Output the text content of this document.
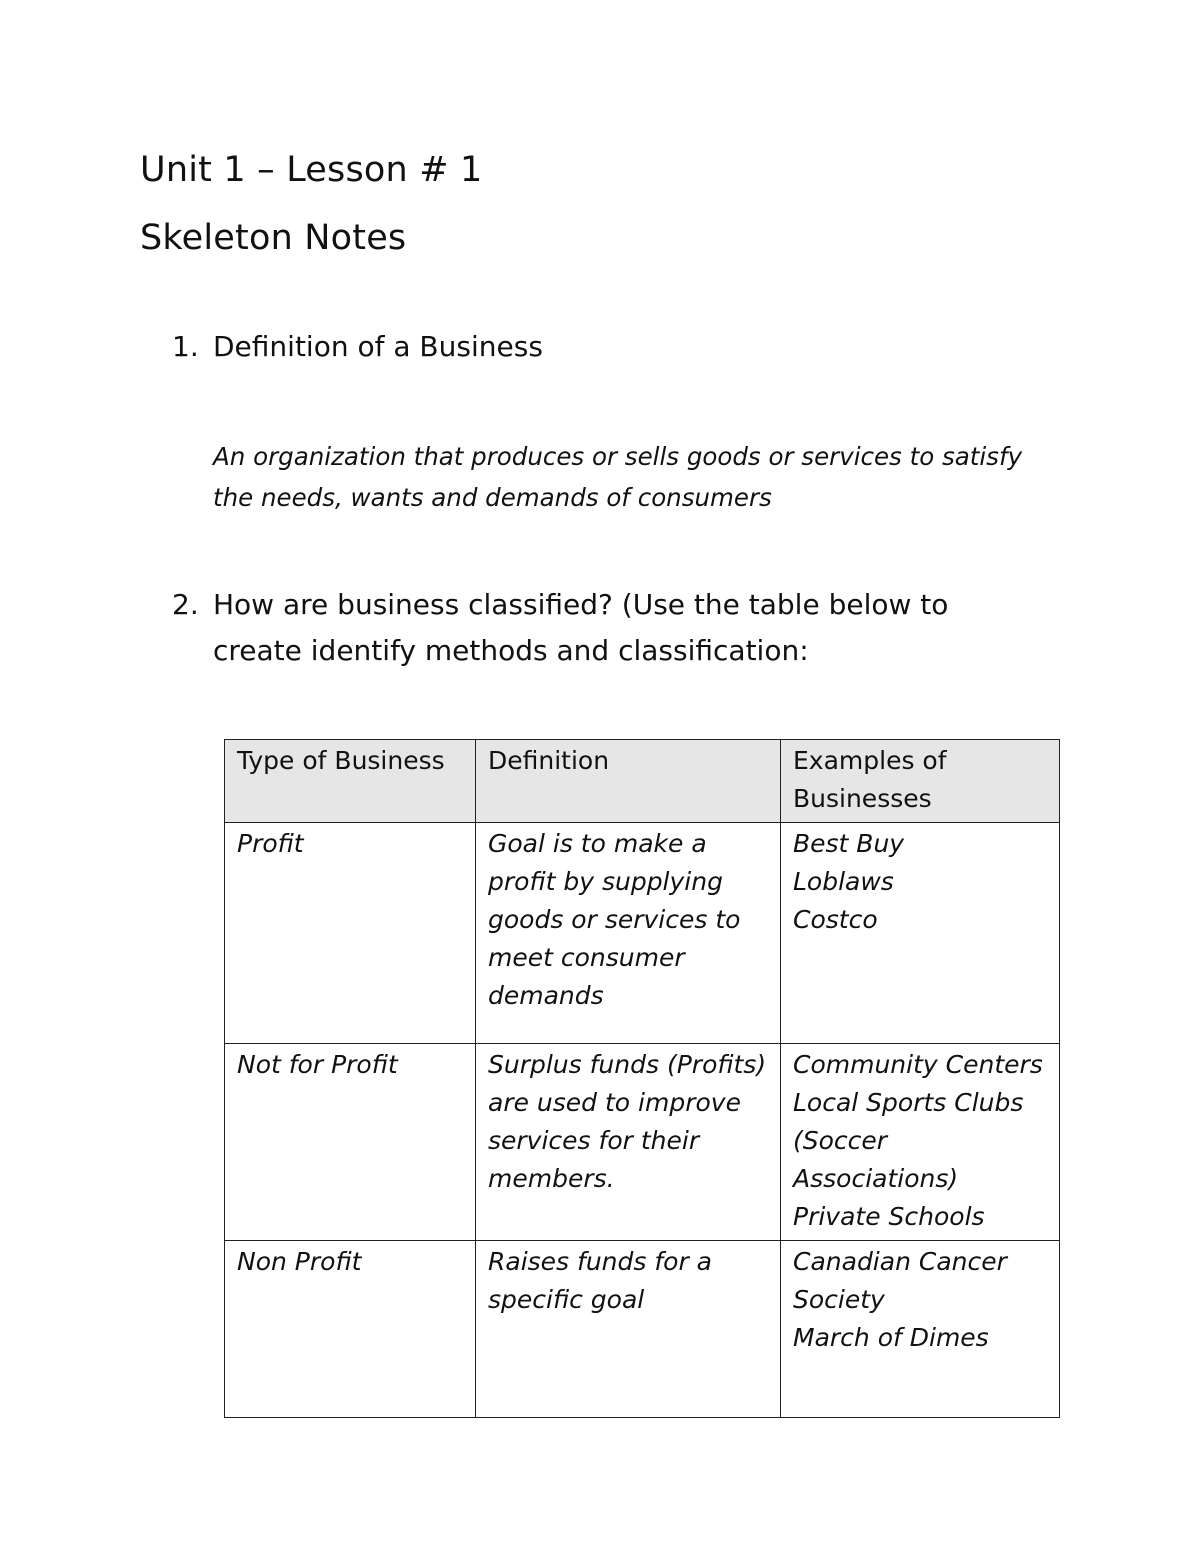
Unit 1 – Lesson # 1
Skeleton Notes
1. Definition of a Business
An organization that produces or sells goods or services to satisfy the needs, wants and demands of consumers
2. How are business classified? (Use the table below to create identify methods and classification:
Type of Business	Definition	Examples of Businesses
Profit	Goal is to make a profit by supplying goods or services to meet consumer demands	Best Buy
Loblaws
Costco

Not for Profit	Surplus funds (Profits) are used to improve services for their members.	Community Centers
Local Sports Clubs (Soccer Associations)
Private Schools

Non Profit	Raises funds for a specific goal	Canadian Cancer Society
March of Dimes
